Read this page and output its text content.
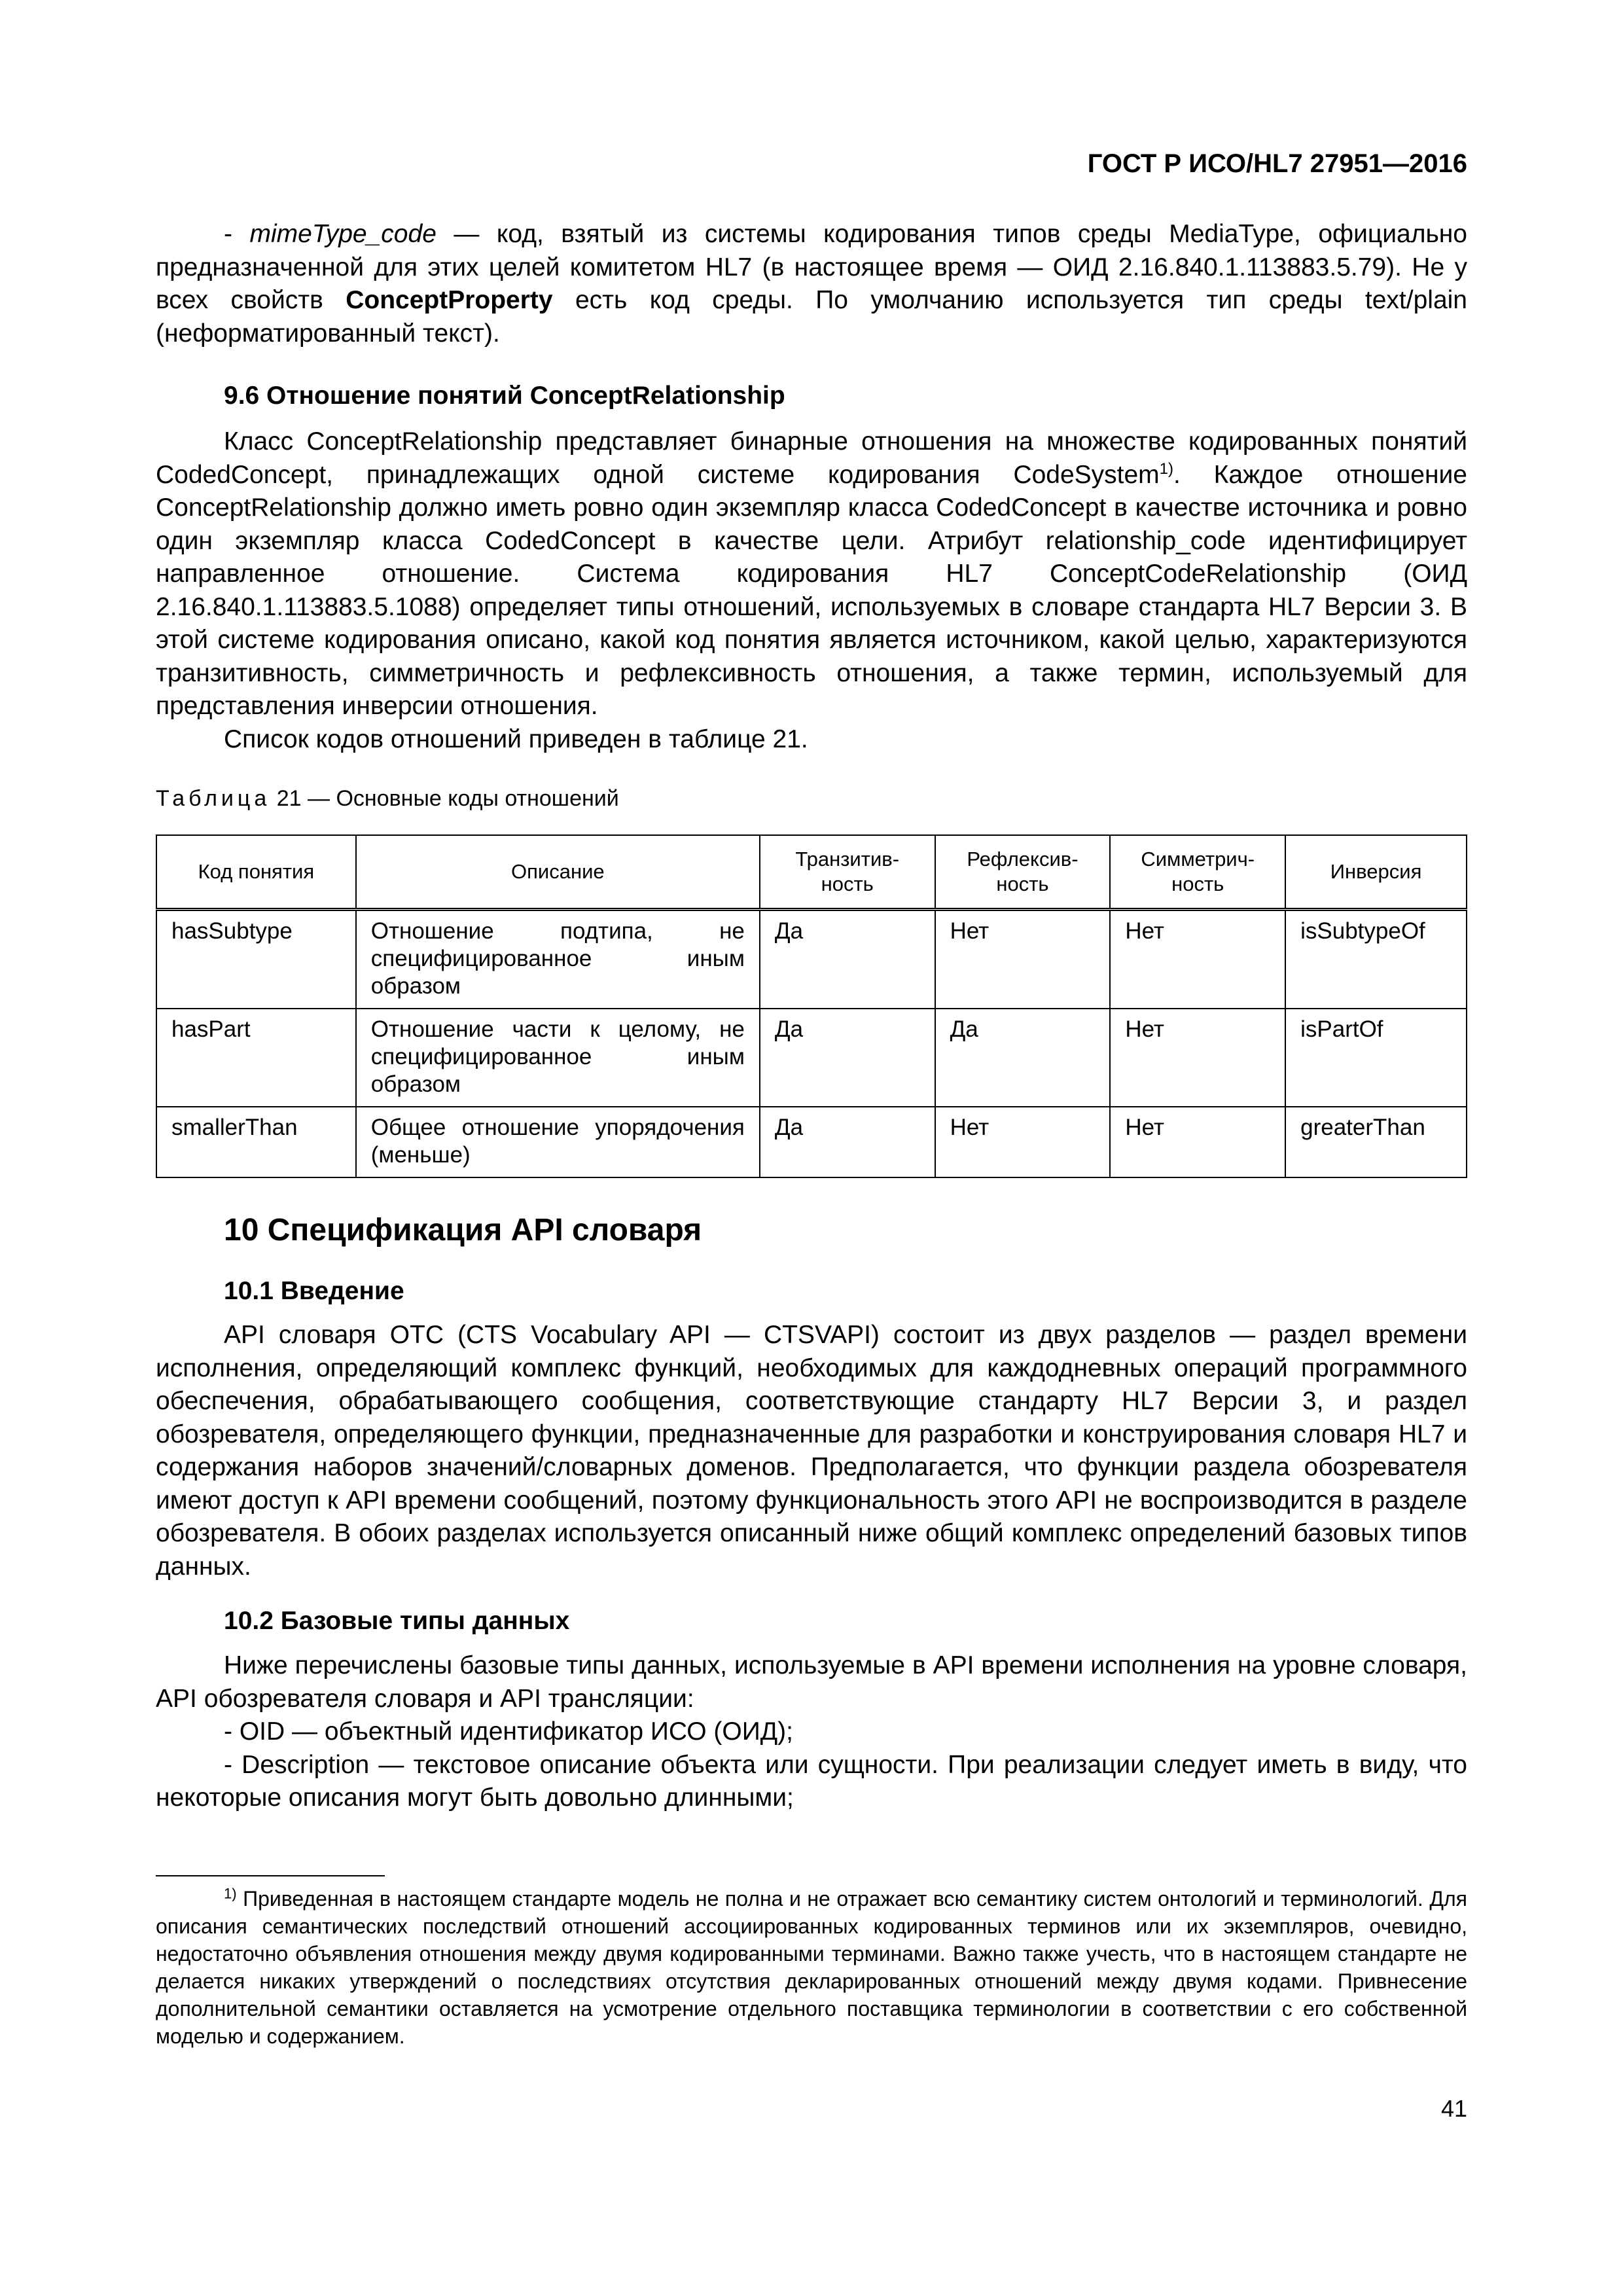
ГОСТ Р ИСО/HL7 27951—2016

- mimeType_code — код, взятый из системы кодирования типов среды MediaType, официально предназначенной для этих целей комитетом HL7 (в настоящее время — ОИД 2.16.840.1.113883.5.79). Не у всех свойств ConceptProperty есть код среды. По умолчанию используется тип среды text/plain (неформатированный текст).

9.6 Отношение понятий ConceptRelationship

Класс ConceptRelationship представляет бинарные отношения на множестве кодированных понятий CodedConcept, принадлежащих одной системе кодирования CodeSystem$^{1)}$. Каждое отношение ConceptRelationship должно иметь ровно один экземпляр класса CodedConcept в качестве источника и ровно один экземпляр класса CodedConcept в качестве цели. Атрибут relationship_code идентифицирует направленное отношение. Система кодирования HL7 ConceptCodeRelationship (ОИД 2.16.840.1.113883.5.1088) определяет типы отношений, используемых в словаре стандарта HL7 Версии 3. В этой системе кодирования описано, какой код понятия является источником, какой целью, характеризуются транзитивность, симметричность и рефлексивность отношения, а также термин, используемый для представления инверсии отношения.

Список кодов отношений приведен в таблице 21.

Таблица 21 — Основные коды отношений
Код понятия	Описание	Транзитив-ность	Рефлексив-ность	Симметрич-ность	Инверсия
hasSubtype	Отношение подтипа, не специфицированное иным образом	Да	Нет	Нет	isSubtypeOf
hasPart	Отношение части к целому, не специфицированное иным образом	Да	Да	Нет	isPartOf
smallerThan	Общее отношение упорядочения (меньше)	Да	Нет	Нет	greaterThan
10 Спецификация API словаря
10.1 Введение

API словаря ОТС (CTS Vocabulary API — CTSVAPI) состоит из двух разделов — раздел времени исполнения, определяющий комплекс функций, необходимых для каждодневных операций программного обеспечения, обрабатывающего сообщения, соответствующие стандарту HL7 Версии 3, и раздел обозревателя, определяющего функции, предназначенные для разработки и конструирования словаря HL7 и содержания наборов значений/словарных доменов. Предполагается, что функции раздела обозревателя имеют доступ к API времени сообщений, поэтому функциональность этого API не воспроизводится в разделе обозревателя. В обоих разделах используется описанный ниже общий комплекс определений базовых типов данных.

10.2 Базовые типы данных

Ниже перечислены базовые типы данных, используемые в API времени исполнения на уровне словаря, API обозревателя словаря и API трансляции:

- OID — объектный идентификатор ИСО (ОИД);

- Description — текстовое описание объекта или сущности. При реализации следует иметь в виду, что некоторые описания могут быть довольно длинными;

$^{1)}$ Приведенная в настоящем стандарте модель не полна и не отражает всю семантику систем онтологий и терминологий. Для описания семантических последствий отношений ассоциированных кодированных терминов или их экземпляров, очевидно, недостаточно объявления отношения между двумя кодированными терминами. Важно также учесть, что в настоящем стандарте не делается никаких утверждений о последствиях отсутствия декларированных отношений между двумя кодами. Привнесение дополнительной семантики оставляется на усмотрение отдельного поставщика терминологии в соответствии с его собственной моделью и содержанием.

41
